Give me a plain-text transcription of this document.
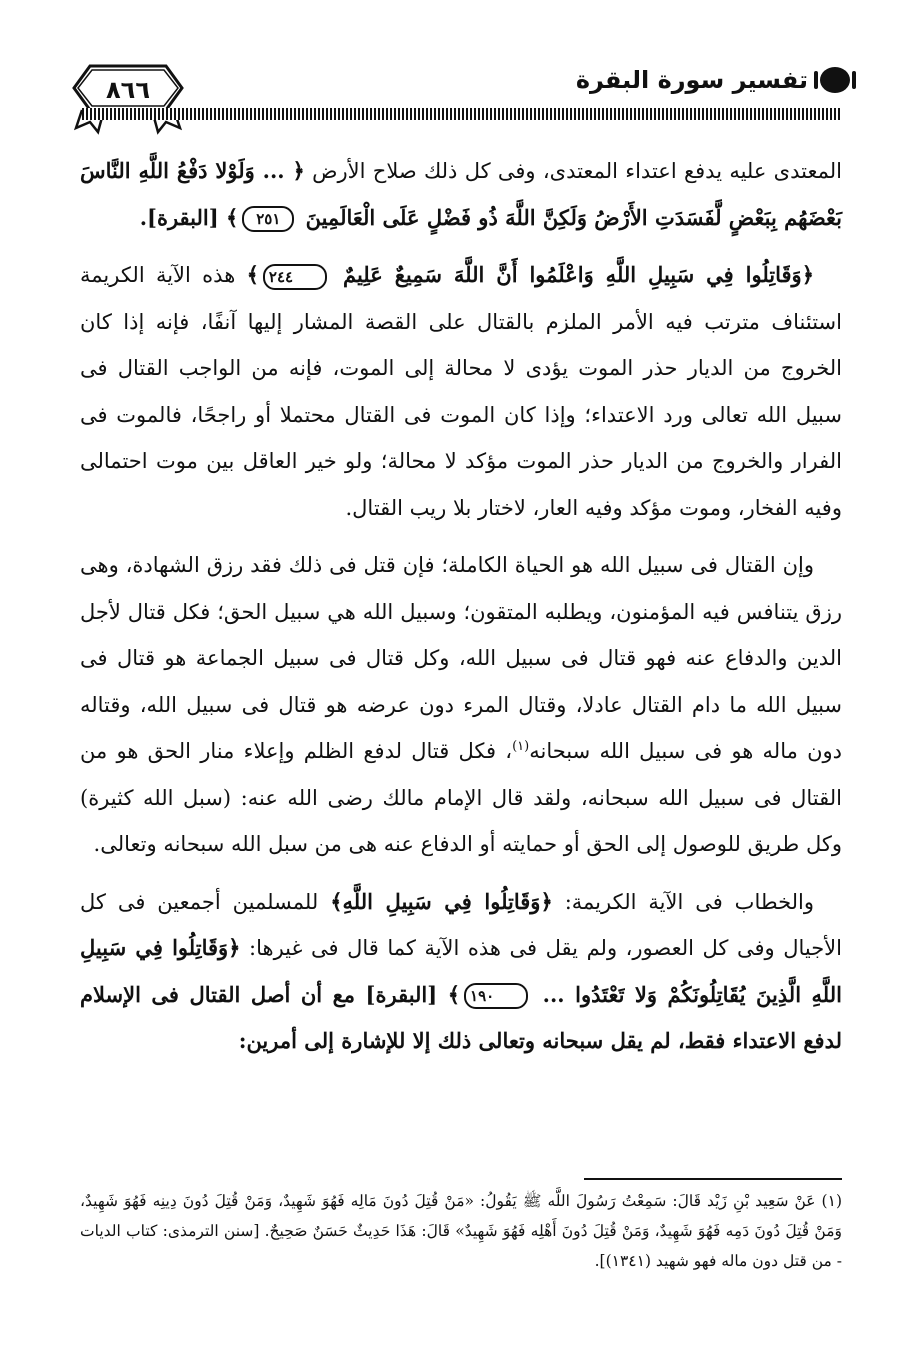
تفسير سورة البقرة
٨٦٦

المعتدى عليه يدفع اعتداء المعتدى، وفى كل ذلك صلاح الأرض ﴿ ... وَلَوْلا دَفْعُ اللَّهِ النَّاسَ بَعْضَهُم بِبَعْضٍ لَّفَسَدَتِ الأَرْضُ وَلَكِنَّ اللَّهَ ذُو فَضْلٍ عَلَى الْعَالَمِينَ ٢٥١﴾ [البقرة].

﴿وَقَاتِلُوا فِي سَبِيلِ اللَّهِ وَاعْلَمُوا أَنَّ اللَّهَ سَمِيعٌ عَلِيمٌ ٢٤٤﴾ هذه الآية الكريمة استئناف مترتب فيه الأمر الملزم بالقتال على القصة المشار إليها آنفًا، فإنه إذا كان الخروج من الديار حذر الموت يؤدى لا محالة إلى الموت، فإنه من الواجب القتال فى سبيل الله تعالى ورد الاعتداء؛ وإذا كان الموت فى القتال محتملا أو راجحًا، فالموت فى الفرار والخروج من الديار حذر الموت مؤكد لا محالة؛ ولو خير العاقل بين موت احتمالى وفيه الفخار، وموت مؤكد وفيه العار، لاختار بلا ريب القتال.

وإن القتال فى سبيل الله هو الحياة الكاملة؛ فإن قتل فى ذلك فقد رزق الشهادة، وهى رزق يتنافس فيه المؤمنون، ويطلبه المتقون؛ وسبيل الله هي سبيل الحق؛ فكل قتال لأجل الدين والدفاع عنه فهو قتال فى سبيل الله، وكل قتال فى سبيل الجماعة هو قتال فى سبيل الله ما دام القتال عادلا، وقتال المرء دون عرضه هو قتال فى سبيل الله، وقتاله دون ماله هو فى سبيل الله سبحانه$^{(١)}$، فكل قتال لدفع الظلم وإعلاء منار الحق هو من القتال فى سبيل الله سبحانه، ولقد قال الإمام مالك رضى الله عنه: (سبل الله كثيرة) وكل طريق للوصول إلى الحق أو حمايته أو الدفاع عنه هى من سبل الله سبحانه وتعالى.

والخطاب فى الآية الكريمة: ﴿وَقَاتِلُوا فِي سَبِيلِ اللَّهِ﴾ للمسلمين أجمعين فى كل الأجيال وفى كل العصور، ولم يقل فى هذه الآية كما قال فى غيرها: ﴿وَقَاتِلُوا فِي سَبِيلِ اللَّهِ الَّذِينَ يُقَاتِلُونَكُمْ وَلا تَعْتَدُوا ... ١٩٠﴾ [البقرة] مع أن أصل القتال فى الإسلام لدفع الاعتداء فقط، لم يقل سبحانه وتعالى ذلك إلا للإشارة إلى أمرين:

(١) عَنْ سَعِيد بْنِ زَيْد قَالَ: سَمِعْتُ رَسُولَ اللَّه ﷺ يَقُولُ: «مَنْ قُتِلَ دُونَ مَالِه فَهُوَ شَهِيدٌ، وَمَنْ قُتِلَ دُونَ دِينِه فَهُوَ شَهِيدٌ، وَمَنْ قُتِلَ دُونَ دَمِه فَهُوَ شَهِيدٌ، وَمَنْ قُتِلَ دُونَ أَهْلِه فَهُوَ شَهِيدٌ» قَالَ: هَذَا حَدِيثٌ حَسَنٌ صَحِيحٌ. [سنن الترمذى: كتاب الديات - من قتل دون ماله فهو شهيد (١٣٤١)].
